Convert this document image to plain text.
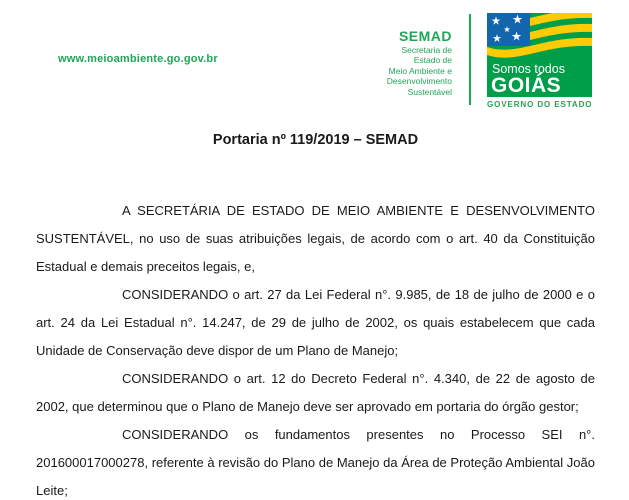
www.meioambiente.go.gov.br
SEMAD
Secretaria de
Estado de
Meio Ambiente e
Desenvolvimento
Sustentável
Somos todos
GOIÁS
GOVERNO DO ESTADO
Portaria nº 119/2019 – SEMAD

A SECRETÁRIA DE ESTADO DE MEIO AMBIENTE E DESENVOLVIMENTO SUSTENTÁVEL, no uso de suas atribuições legais, de acordo com o art. 40 da Constituição Estadual e demais preceitos legais, e,

CONSIDERANDO o art. 27 da Lei Federal n°. 9.985, de 18 de julho de 2000 e o art. 24 da Lei Estadual n°. 14.247, de 29 de julho de 2002, os quais estabelecem que cada Unidade de Conservação deve dispor de um Plano de Manejo;

CONSIDERANDO o art. 12 do Decreto Federal n°. 4.340, de 22 de agosto de 2002, que determinou que o Plano de Manejo deve ser aprovado em portaria do órgão gestor;

CONSIDERANDO os fundamentos presentes no Processo SEI n°. 201600017000278, referente à revisão do Plano de Manejo da Área de Proteção Ambiental João Leite;
